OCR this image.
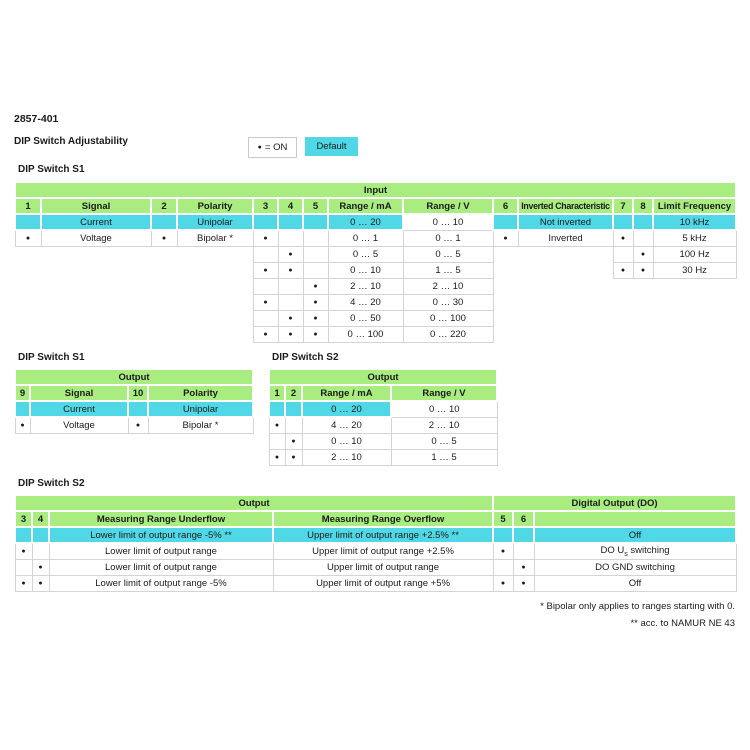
2857-401
DIP Switch Adjustability
● = ON	Default
DIP Switch S1
Input													
1	Signal	2	Polarity	3	4	5	Range / mA	Range / V	6	Inverted Characteristic	7	8	Limit Frequency
	Current		Unipolar				0 … 20	0 … 10		Not inverted			10 kHz
●	Voltage	●	Bipolar *	●			0 … 1	0 … 1	●	Inverted	●		5 kHz
					●		0 … 5	0 … 5				●	100 Hz
				●	●		0 … 10	1 … 5			●	●	30 Hz
						●	2 … 10	2 … 10					
				●		●	4 … 20	0 … 30					
					●	●	0 … 50	0 … 100					
				●	●	●	0 … 100	0 … 220					
DIP Switch S1
Output			
9	Signal	10	Polarity
	Current		Unipolar
●	Voltage	●	Bipolar *
DIP Switch S2
Output			
1	2	Range / mA	Range / V
		0 … 20	0 … 10
●		4 … 20	2 … 10
	●	0 … 10	0 … 5
●	●	2 … 10	1 … 5
DIP Switch S2
Output				Digital Output (DO)		
3	4	Measuring Range Underflow	Measuring Range Overflow	5	6	
		Lower limit of output range -5% **	Upper limit of output range +2.5% **			Off
●		Lower limit of output range	Upper limit of output range +2.5%	●		DO $U_s$ switching
	●	Lower limit of output range	Upper limit of output range		●	DO GND switching
●	●	Lower limit of output range -5%	Upper limit of output range +5%	●	●	Off
* Bipolar only applies to ranges starting with 0.
** acc. to NAMUR NE 43
